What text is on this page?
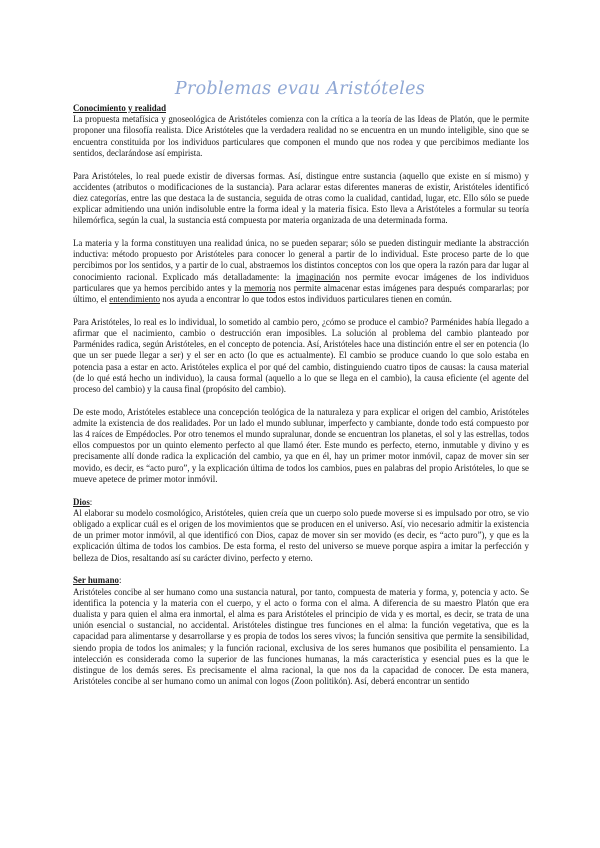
Problemas evau Aristóteles
Conocimiento y realidad

La propuesta metafísica y gnoseológica de Aristóteles comienza con la crítica a la teoría de las Ideas de Platón, que le permite proponer una filosofía realista. Dice Aristóteles que la verdadera realidad no se encuentra en un mundo inteligible, sino que se encuentra constituida por los individuos particulares que componen el mundo que nos rodea y que percibimos mediante los sentidos, declarándose así empirista.

Para Aristóteles, lo real puede existir de diversas formas. Así, distingue entre sustancia (aquello que existe en sí mismo) y accidentes (atributos o modificaciones de la sustancia). Para aclarar estas diferentes maneras de existir, Aristóteles identificó diez categorías, entre las que destaca la de sustancia, seguida de otras como la cualidad, cantidad, lugar, etc. Ello sólo se puede explicar admitiendo una unión indisoluble entre la forma ideal y la materia física. Esto lleva a Aristóteles a formular su teoría hilemórfica, según la cual, la sustancia está compuesta por materia organizada de una determinada forma.

La materia y la forma constituyen una realidad única, no se pueden separar; sólo se pueden distinguir mediante la abstracción inductiva: método propuesto por Aristóteles para conocer lo general a partir de lo individual. Este proceso parte de lo que percibimos por los sentidos, y a partir de lo cual, abstraemos los distintos conceptos con los que opera la razón para dar lugar al conocimiento racional. Explicado más detalladamente: la imaginación nos permite evocar imágenes de los individuos particulares que ya hemos percibido antes y la memoria nos permite almacenar estas imágenes para después compararlas; por último, el entendimiento nos ayuda a encontrar lo que todos estos individuos particulares tienen en común.

Para Aristóteles, lo real es lo individual, lo sometido al cambio pero, ¿cómo se produce el cambio? Parménides había llegado a afirmar que el nacimiento, cambio o destrucción eran imposibles. La solución al problema del cambio planteado por Parménides radica, según Aristóteles, en el concepto de potencia. Así, Aristóteles hace una distinción entre el ser en potencia (lo que un ser puede llegar a ser) y el ser en acto (lo que es actualmente). El cambio se produce cuando lo que solo estaba en potencia pasa a estar en acto. Aristóteles explica el por qué del cambio, distinguiendo cuatro tipos de causas: la causa material (de lo qué está hecho un individuo), la causa formal (aquello a lo que se llega en el cambio), la causa eficiente (el agente del proceso del cambio) y la causa final (propósito del cambio).

De este modo, Aristóteles establece una concepción teológica de la naturaleza y para explicar el origen del cambio, Aristóteles admite la existencia de dos realidades. Por un lado el mundo sublunar, imperfecto y cambiante, donde todo está compuesto por las 4 raíces de Empédocles. Por otro tenemos el mundo supralunar, donde se encuentran los planetas, el sol y las estrellas, todos ellos compuestos por un quinto elemento perfecto al que llamó éter. Este mundo es perfecto, eterno, inmutable y divino y es precisamente allí donde radica la explicación del cambio, ya que en él, hay un primer motor inmóvil, capaz de mover sin ser movido, es decir, es “acto puro”, y la explicación última de todos los cambios, pues en palabras del propio Aristóteles, lo que se mueve apetece de primer motor inmóvil.

Dios:

Al elaborar su modelo cosmológico, Aristóteles, quien creía que un cuerpo solo puede moverse si es impulsado por otro, se vio obligado a explicar cuál es el origen de los movimientos que se producen en el universo. Así, vio necesario admitir la existencia de un primer motor inmóvil, al que identificó con Dios, capaz de mover sin ser movido (es decir, es “acto puro”), y que es la explicación última de todos los cambios. De esta forma, el resto del universo se mueve porque aspira a imitar la perfección y belleza de Dios, resaltando así su carácter divino, perfecto y eterno.

Ser humano:

Aristóteles concibe al ser humano como una sustancia natural, por tanto, compuesta de materia y forma, y, potencia y acto. Se identifica la potencia y la materia con el cuerpo, y el acto o forma con el alma. A diferencia de su maestro Platón que era dualista y para quien el alma era inmortal, el alma es para Aristóteles el principio de vida y es mortal, es decir, se trata de una unión esencial o sustancial, no accidental. Aristóteles distingue tres funciones en el alma: la función vegetativa, que es la capacidad para alimentarse y desarrollarse y es propia de todos los seres vivos; la función sensitiva que permite la sensibilidad, siendo propia de todos los animales; y la función racional, exclusiva de los seres humanos que posibilita el pensamiento. La intelección es considerada como la superior de las funciones humanas, la más característica y esencial pues es la que le distingue de los demás seres. Es precisamente el alma racional, la que nos da la capacidad de conocer. De esta manera, Aristóteles concibe al ser humano como un animal con logos (Zoon politikón). Así, deberá encontrar un sentido
